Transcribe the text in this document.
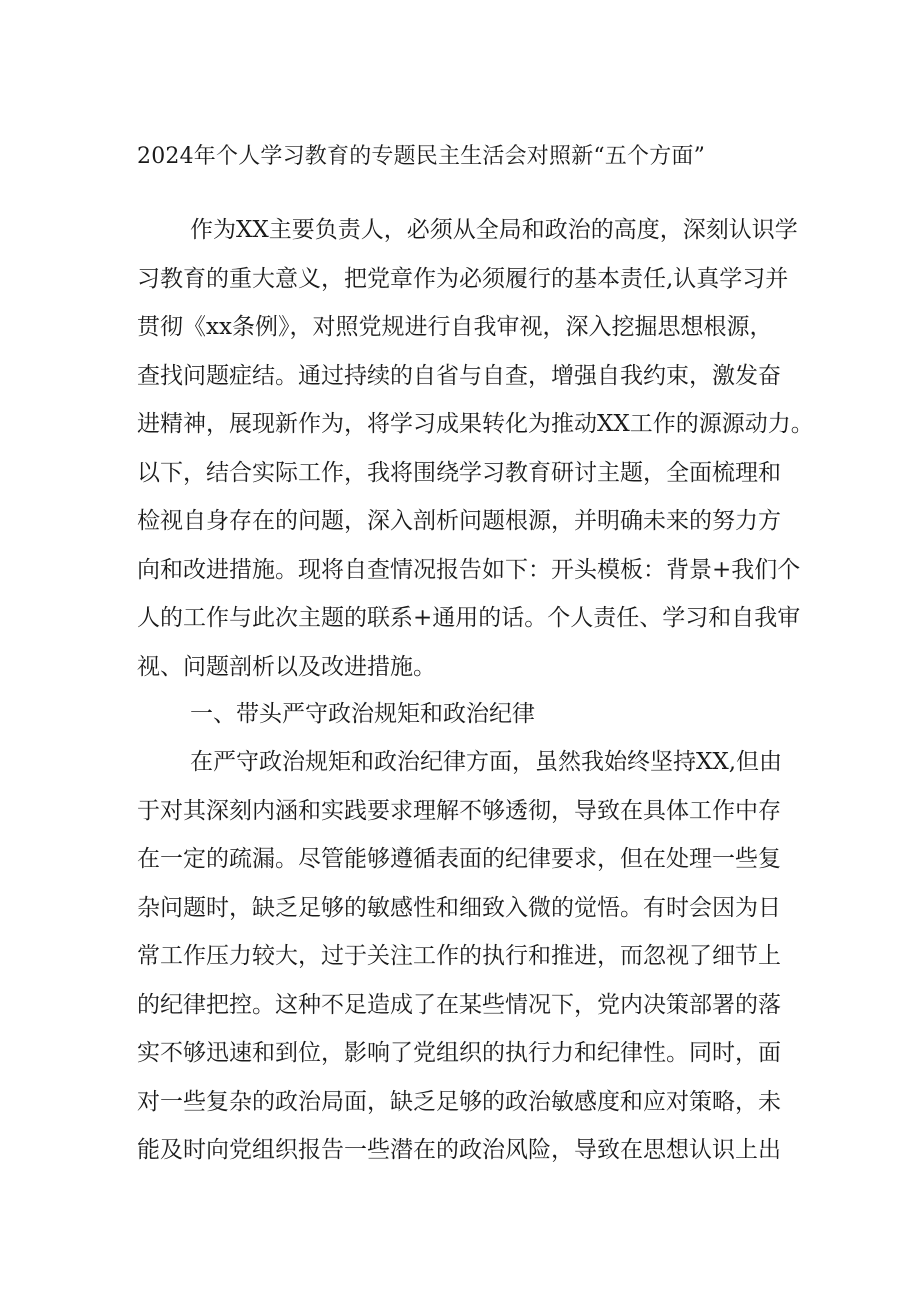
2024年个人学习教育的专题民主生活会对照新“五个方面”
作为XX主要负责人，必须从全局和政治的高度，深刻认识学
习教育的重大意义，把党章作为必须履行的基本责任,认真学习并
贯彻《xx条例》，对照党规进行自我审视，深入挖掘思想根源，
查找问题症结。通过持续的自省与自查，增强自我约束，激发奋
进精神，展现新作为，将学习成果转化为推动XX工作的源源动力。
以下，结合实际工作，我将围绕学习教育研讨主题，全面梳理和
检视自身存在的问题，深入剖析问题根源，并明确未来的努力方
向和改进措施。现将自查情况报告如下：开头模板：背景+我们个
人的工作与此次主题的联系+通用的话。个人责任、学习和自我审
视、问题剖析以及改进措施。
一、带头严守政治规矩和政治纪律
在严守政治规矩和政治纪律方面，虽然我始终坚持XX,但由
于对其深刻内涵和实践要求理解不够透彻，导致在具体工作中存
在一定的疏漏。尽管能够遵循表面的纪律要求，但在处理一些复
杂问题时，缺乏足够的敏感性和细致入微的觉悟。有时会因为日
常工作压力较大，过于关注工作的执行和推进，而忽视了细节上
的纪律把控。这种不足造成了在某些情况下，党内决策部署的落
实不够迅速和到位，影响了党组织的执行力和纪律性。同时，面
对一些复杂的政治局面，缺乏足够的政治敏感度和应对策略，未
能及时向党组织报告一些潜在的政治风险，导致在思想认识上出
